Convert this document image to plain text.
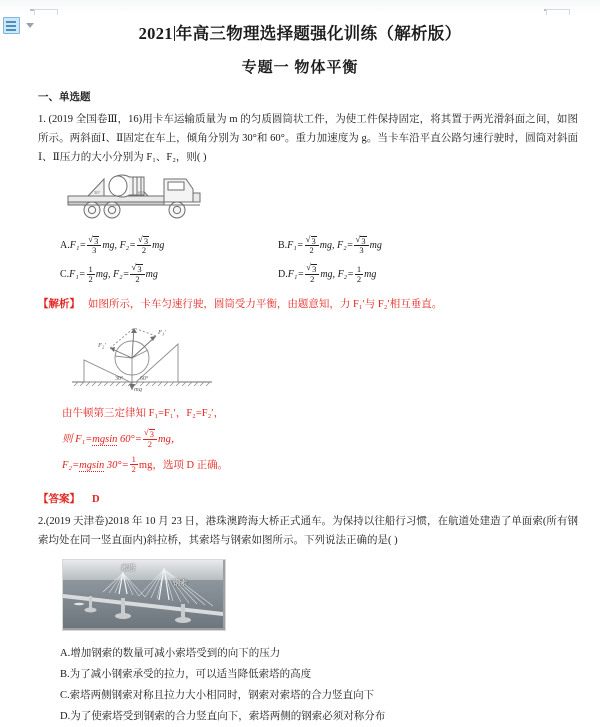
2021 年高三物理选择题强化训练（解析版）
专题一 物体平衡
一、单选题

1. (2019 全国卷Ⅲ，16)用卡车运输质量为 m 的匀质圆筒状工件，为使工件保持固定，将其置于两光滑斜面之间，如图所示。两斜面Ⅰ、Ⅱ固定在车上，倾角分别为 30°和 60°。重力加速度为 g。当卡车沿平直公路匀速行驶时，圆筒对斜面Ⅰ、Ⅱ压力的大小分别为 F₁、F₂，则( )

30°	60°
A. F₁= √ $\frac{3}{3}$ mg,
F₂= √ $\frac{3}{2}$ mg	B. F₁= √ $\frac{3}{2}$ mg,
F₂= √ $\frac{3}{3}$ mg
C. $F_1= \frac{1}{2}$ mg,
F₂= √ $\frac{3}{2}$ mg	D. F₁= √ $\frac{3}{2}$ mg,
$F_2= \frac{1}{2}$ mg

【解析】 如图所示，卡车匀速行驶，圆筒受力平衡，由题意知，力 F₁′与 F₂′相互垂直。

$F_1'$
$F_2'$
mg
30°	60°

由牛顿第三定律知 F₁=F₁′，F₂=F₂′，
则 F₁=mgsin 60°= √ $\frac{3}{2}$ mg，
F₂=mgsin $30^\circ= \frac{1}{2}$ mg，选项 D 正确。

【答案】 D

2.(2019 天津卷)2018 年 10 月 23 日，港珠澳跨海大桥正式通车。为保持以往船行习惯，在航道处建造了单面索(所有钢索均处在同一竖直面内)斜拉桥，其索塔与钢索如图所示。下列说法正确的是( )

索塔
钢索
A.增加钢索的数量可减小索塔受到的向下的压力
B.为了减小钢索承受的拉力，可以适当降低索塔的高度
C.索塔两侧钢索对称且拉力大小相同时，钢索对索塔的合力竖直向下
D.为了使索塔受到钢索的合力竖直向下，索塔两侧的钢索必须对称分布
